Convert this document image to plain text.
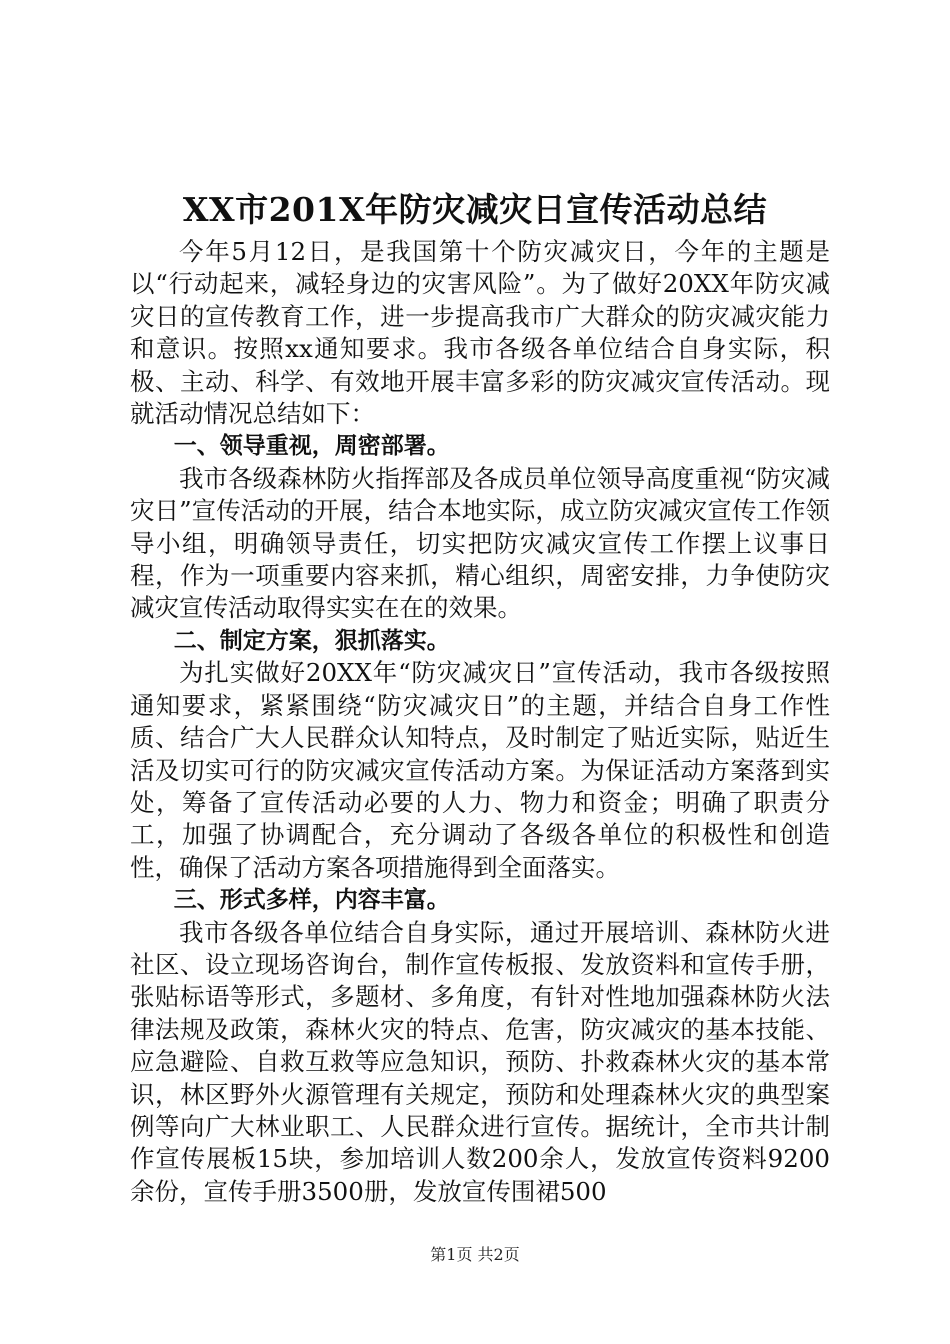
XX市201X年防灾减灾日宣传活动总结

今年5月12日，是我国第十个防灾减灾日，今年的主题是以“行动起来，减轻身边的灾害风险”。为了做好20XX年防灾减灾日的宣传教育工作，进一步提高我市广大群众的防灾减灾能力和意识。按照xx通知要求。我市各级各单位结合自身实际，积极、主动、科学、有效地开展丰富多彩的防灾减灾宣传活动。现就活动情况总结如下：

一、领导重视，周密部署。

我市各级森林防火指挥部及各成员单位领导高度重视“防灾减灾日”宣传活动的开展，结合本地实际，成立防灾减灾宣传工作领导小组，明确领导责任，切实把防灾减灾宣传工作摆上议事日程，作为一项重要内容来抓，精心组织，周密安排，力争使防灾减灾宣传活动取得实实在在的效果。

二、制定方案，狠抓落实。

为扎实做好20XX年“防灾减灾日”宣传活动，我市各级按照通知要求，紧紧围绕“防灾减灾日”的主题，并结合自身工作性质、结合广大人民群众认知特点，及时制定了贴近实际，贴近生活及切实可行的防灾减灾宣传活动方案。为保证活动方案落到实处，筹备了宣传活动必要的人力、物力和资金；明确了职责分工，加强了协调配合，充分调动了各级各单位的积极性和创造性，确保了活动方案各项措施得到全面落实。

三、形式多样，内容丰富。

我市各级各单位结合自身实际，通过开展培训、森林防火进社区、设立现场咨询台，制作宣传板报、发放资料和宣传手册，张贴标语等形式，多题材、多角度，有针对性地加强森林防火法律法规及政策，森林火灾的特点、危害，防灾减灾的基本技能、应急避险、自救互救等应急知识，预防、扑救森林火灾的基本常识，林区野外火源管理有关规定，预防和处理森林火灾的典型案例等向广大林业职工、人民群众进行宣传。据统计，全市共计制作宣传展板15块，参加培训人数200余人，发放宣传资料9200余份，宣传手册3500册，发放宣传围裙500

第1页 共2页
